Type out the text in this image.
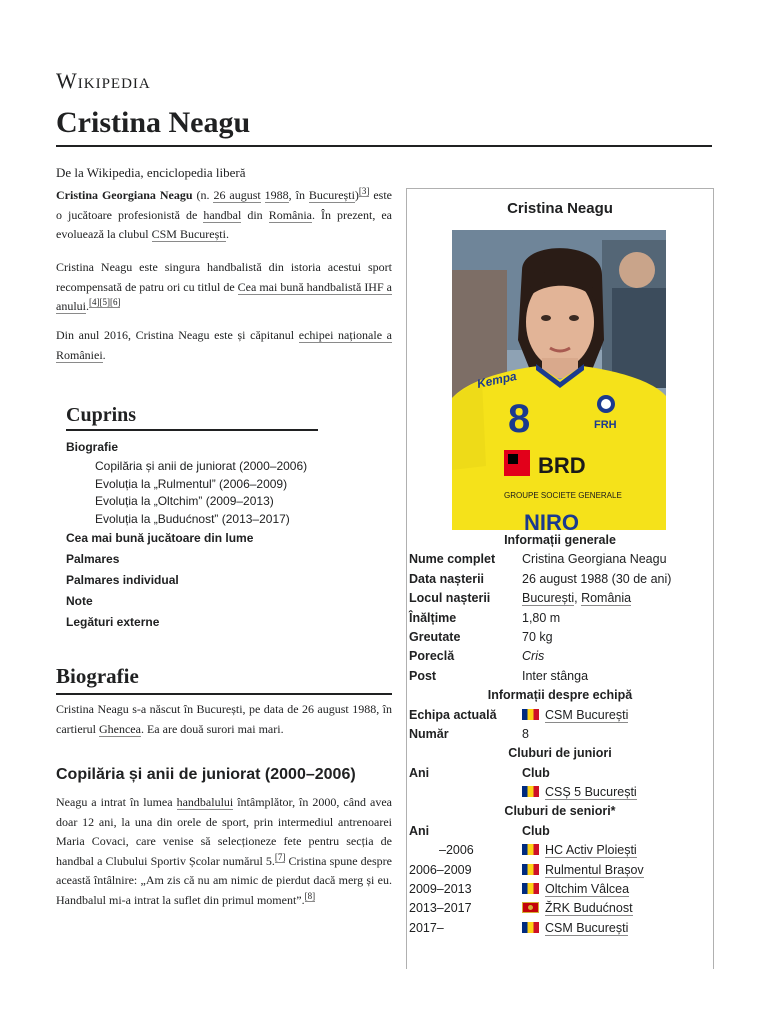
Wikipedia
Cristina Neagu
De la Wikipedia, enciclopedia liberă

Cristina Georgiana Neagu (n. 26 august 1988, în București)[3] este o jucătoare profesionistă de handbal din România. În prezent, ea evoluează la clubul CSM București.

Cristina Neagu este singura handbalistă din istoria acestui sport recompensată de patru ori cu titlul de Cea mai bună handbalistă IHF a anului.[4][5][6]

Din anul 2016, Cristina Neagu este și căpitanul echipei naționale a României.

Cuprins
Biografie
Copilăria și anii de juniorat (2000–2006)
Evoluția la „Rulmentul” (2006–2009)
Evoluția la „Oltchim” (2009–2013)
Evoluția la „Budućnost” (2013–2017)
Cea mai bună jucătoare din lume
Palmares
Palmares individual
Note
Legături externe
Biografie

Cristina Neagu s-a născut în București, pe data de 26 august 1988, în cartierul Ghencea. Ea are două surori mai mari.

Copilăria și anii de juniorat (2000–2006)

Neagu a intrat în lumea handbalului întâmplător, în 2000, când avea doar 12 ani, la una din orele de sport, prin intermediul antrenoarei Maria Covaci, care venise să selecționeze fete pentru secția de handbal a Clubului Sportiv Școlar numărul 5.[7] Cristina spune despre această întâlnire: „Am zis că nu am nimic de pierdut dacă merg și eu. Handbalul mi-a intrat la suflet din primul moment”.[8]

Cristina Neagu
8
Kempa
FRH
BRD
GROUPE SOCIETE GENERALE
NIRO
Informații generale
Nume complet Cristina Georgiana Neagu
Data nașterii	26 august 1988 (30 de ani)
Locul nașterii	București, România
Înălțime	1,80 m
Greutate	70 kg
Poreclă	Cris
Post	Inter stânga
Informații despre echipă
Echipa actuală	CSM București
Număr	8
Cluburi de juniori
Ani	Club
CSȘ 5 București
Cluburi de seniori*
Ani	Club
–2006	HC Activ Ploiești
2006–2009	Rulmentul Brașov
2009–2013	Oltchim Vâlcea
2013–2017	ŽRK Budućnost
2017–	CSM București
